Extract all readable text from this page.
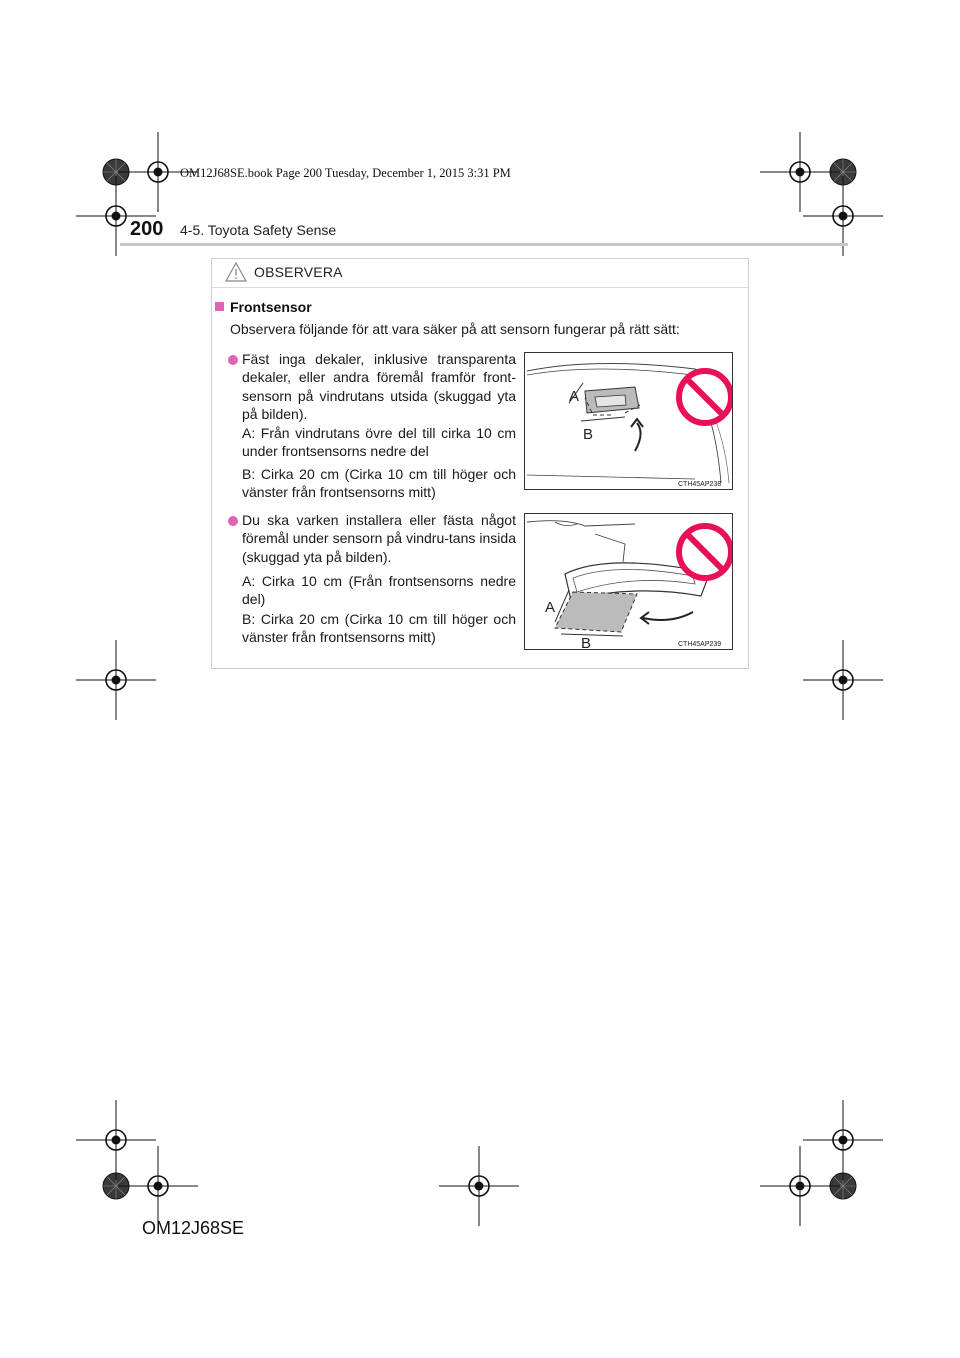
OM12J68SE.book Page 200 Tuesday, December 1, 2015 3:31 PM
200 4-5. Toyota Safety Sense
OBSERVERA
Frontsensor
Observera följande för att vara säker på att sensorn fungerar på rätt sätt:
Fäst inga dekaler, inklusive transparenta dekaler, eller andra föremål framför front-sensorn på vindrutans utsida (skuggad yta på bilden).
A: Från vindrutans övre del till cirka 10 cm under frontsensorns nedre del
B: Cirka 20 cm (Cirka 10 cm till höger och vänster från frontsensorns mitt)
A
B
CTH45AP238
Du ska varken installera eller fästa något föremål under sensorn på vindru-tans insida (skuggad yta på bilden).
A: Cirka 10 cm (Från frontsensorns nedre del)
B: Cirka 20 cm (Cirka 10 cm till höger och vänster från frontsensorns mitt)
A
B	CTH45AP239
OM12J68SE
